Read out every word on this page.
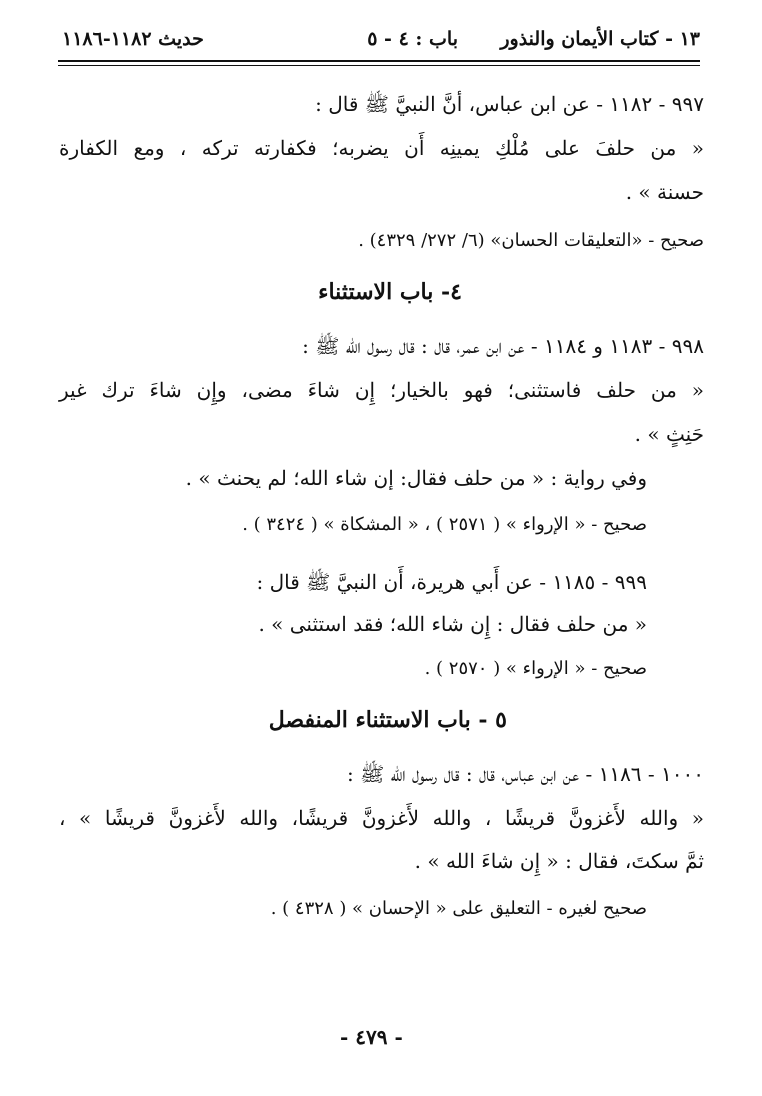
١٣ - كتاب الأيمان والنذور
باب : ٤ - ٥
حديث ١١٨٢-١١٨٦
٩٩٧ - ١١٨٢ - عن ابن عباس، أنَّ النبيَّ ﷺ قال :
« من حلفَ على مُلْكِ يمينِه أَن يضربه؛ فكفارته تركه ، ومع الكفارة
حسنة » .
صحيح - «التعليقات الحسان» (٦/ ٢٧٢/ ٤٣٢٩) .
٤- باب الاستثناء
٩٩٨ - ١١٨٣ و ١١٨٤ - عن ابن عمر، قال : قال رسول الله ﷺ :
« من حلف فاستثنى؛ فهو بالخيار؛ إِن شاءَ مضى، وإِن شاءَ ترك غير
حَنِثٍ » .
وفي رواية : « من حلف فقال: إن شاء الله؛ لم يحنث » .
صحيح - « الإرواء » ( ٢٥٧١ ) ، « المشكاة » ( ٣٤٢٤ ) .
٩٩٩ - ١١٨٥ - عن أَبي هريرة، أَن النبيَّ ﷺ قال :
« من حلف فقال : إِن شاء الله؛ فقد استثنى » .
صحيح - « الإرواء » ( ٢٥٧٠ ) .
٥ - باب الاستثناء المنفصل
١٠٠٠ - ١١٨٦ - عن ابن عباس، قال : قال رسول الله ﷺ :
« والله لأَغزونَّ قريشًا ، والله لأَغزونَّ قريشًا، والله لأَغزونَّ قريشًا » ،
ثمَّ سكتَ، فقال : « إِن شاءَ الله » .
صحيح لغيره - التعليق على « الإحسان » ( ٤٣٢٨ ) .
- ٤٧٩ -
